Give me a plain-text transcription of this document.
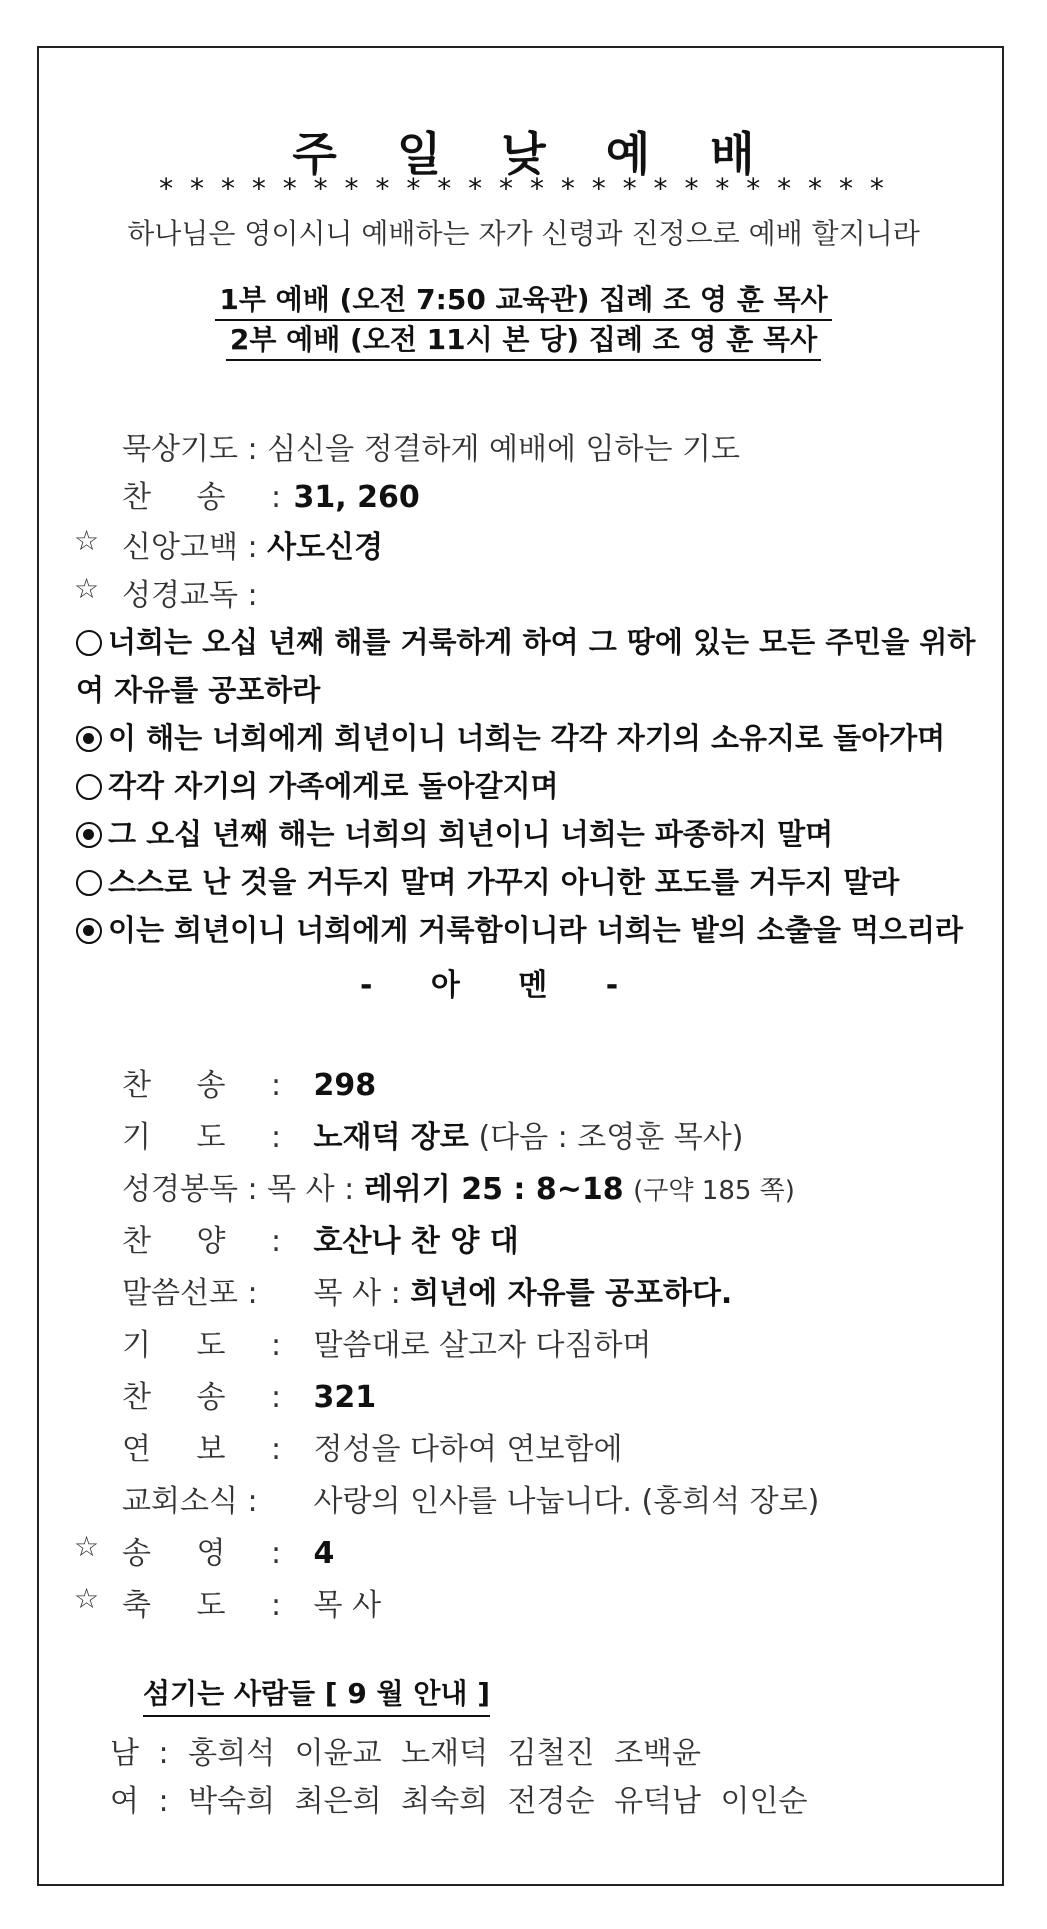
주 일 낮 예 배
* * * * * * * * * * * * * * * * * * * * * * * *
하나님은 영이시니 예배하는 자가 신령과 진정으로 예배 할지니라
1부 예배 (오전 7:50 교육관) 집례 조 영 훈 목사
2부 예배 (오전 11시 본 당) 집례 조 영 훈 목사
묵상기도 : 심신을 정결하게 예배에 임하는 기도
찬 송 : 31, 260
☆ 신앙고백 : 사도신경
☆ 성경교독 :
너희는 오십 년째 해를 거룩하게 하여 그 땅에 있는 모든 주민을 위하
여 자유를 공포하라
이 해는 너희에게 희년이니 너희는 각각 자기의 소유지로 돌아가며
각각 자기의 가족에게로 돌아갈지며
그 오십 년째 해는 너희의 희년이니 너희는 파종하지 말며
스스로 난 것을 거두지 말며 가꾸지 아니한 포도를 거두지 말라
이는 희년이니 너희에게 거룩함이니라 너희는 밭의 소출을 먹으리라
- 아 멘 -
찬 송 : 298
기 도 : 노재덕 장로 (다음 : 조영훈 목사)
성경봉독 : 목 사 : 레위기 25 : 8~18 (구약 185 쪽)
찬 양 : 호산나 찬 양 대
말씀선포 : 목 사 : 희년에 자유를 공포하다.
기 도 : 말씀대로 살고자 다짐하며
찬 송 : 321
연 보 : 정성을 다하여 연보함에
교회소식 : 사랑의 인사를 나눕니다. (홍희석 장로)
☆ 송 영 : 4
☆ 축 도 : 목 사
섬기는 사람들 [ 9 월 안내 ]
남 : 홍희석 이윤교 노재덕 김철진 조백윤
여 : 박숙희 최은희 최숙희 전경순 유덕남 이인순
